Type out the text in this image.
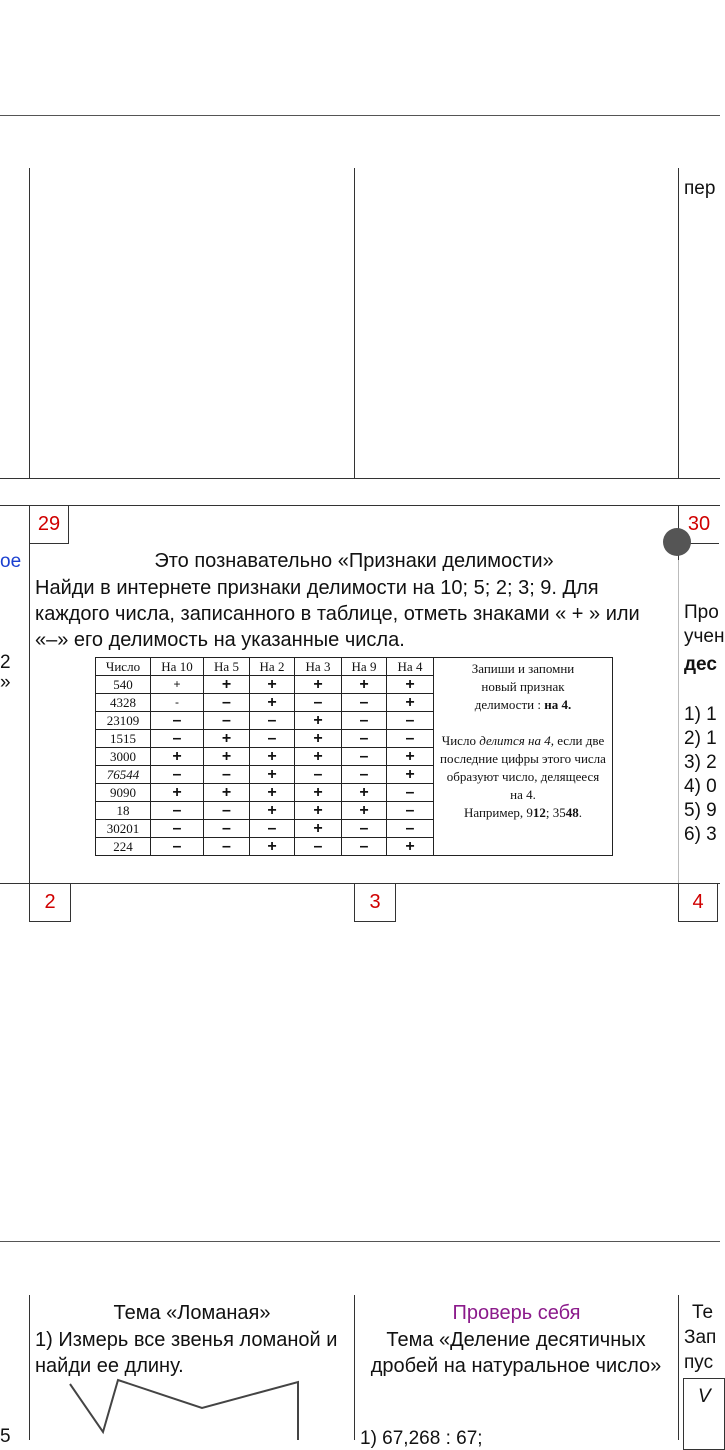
пер
29	30
ое
2
»
Это познавательно «Признаки делимости»
Найди в интернете признаки делимости на 10; 5; 2; 3; 9. Для каждого числа, записанного в таблице, отметь знаками « + » или «–» его делимость на указанные числа.
Число	На 10	На 5	На 2	На 3	На 9	На 4	Запиши и запомни
новый признак
делимости : на 4.
Число делится на 4, если две последние цифры этого числа образуют число, делящееся на 4.
Например, 912; 3548.
540	+	+	+	+	+	+	
4328	-	–	+	–	–	+	
23109	–	–	–	+	–	–	
1515	–	+	–	+	–	–	
3000	+	+	+	+	–	+	
76544	–	–	+	–	–	+	
9090	+	+	+	+	+	–	
18	–	–	+	+	+	–	
30201	–	–	–	+	–	–	
224	–	–	+	–	–	+	
Про
учен
дес
1) 1
2) 1
3) 2
4) 0
5) 9
6) 3
2	3	4
Тема «Ломаная»
1) Измерь все звенья ломаной и найди ее длину.
Проверь себя
Тема «Деление десятичных дробей на натуральное число»
1) 67,268 : 67;
Те
Зап
пус
V
5
